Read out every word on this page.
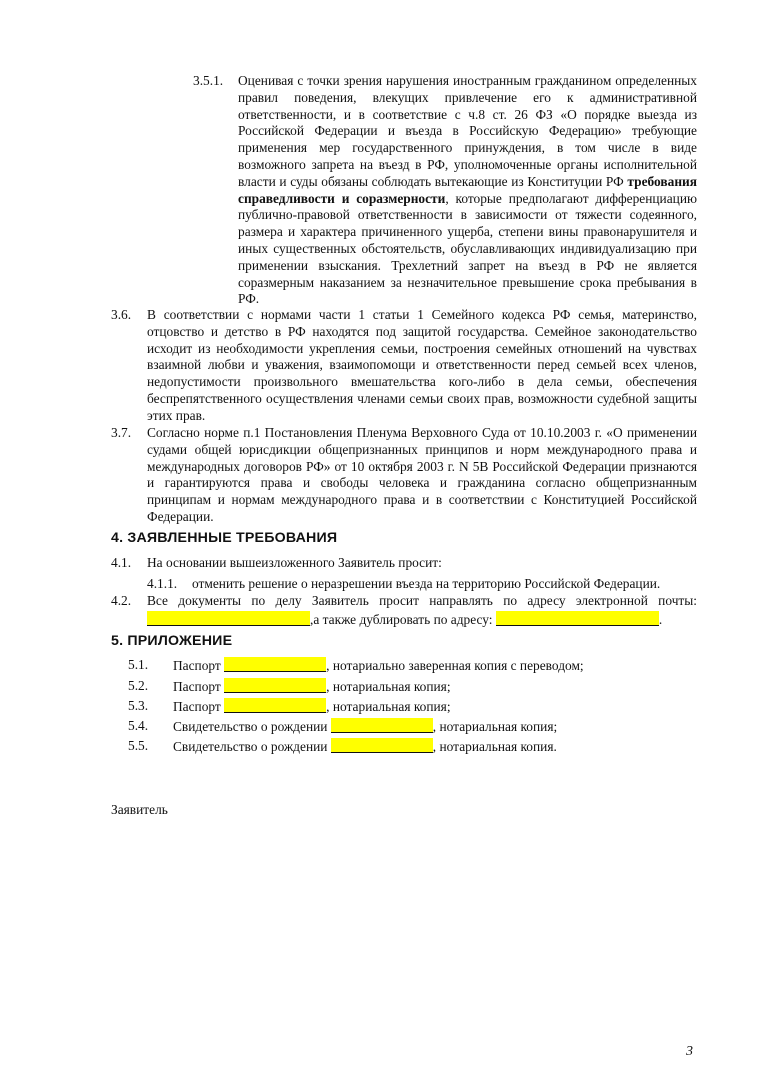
3.5.1. Оценивая с точки зрения нарушения иностранным гражданином определенных правил поведения, влекущих привлечение его к административной ответственности, и в соответствие с ч.8 ст. 26 ФЗ «О порядке выезда из Российской Федерации и въезда в Российскую Федерацию» требующие применения мер государственного принуждения, в том числе в виде возможного запрета на въезд в РФ, уполномоченные органы исполнительной власти и суды обязаны соблюдать вытекающие из Конституции РФ требования справедливости и соразмерности, которые предполагают дифференциацию публично-правовой ответственности в зависимости от тяжести содеянного, размера и характера причиненного ущерба, степени вины правонарушителя и иных существенных обстоятельств, обуславливающих индивидуализацию при применении взыскания. Трехлетний запрет на въезд в РФ не является соразмерным наказанием за незначительное превышение срока пребывания в РФ.
3.6. В соответствии с нормами части 1 статьи 1 Семейного кодекса РФ семья, материнство, отцовство и детство в РФ находятся под защитой государства. Семейное законодательство исходит из необходимости укрепления семьи, построения семейных отношений на чувствах взаимной любви и уважения, взаимопомощи и ответственности перед семьей всех членов, недопустимости произвольного вмешательства кого-либо в дела семьи, обеспечения беспрепятственного осуществления членами семьи своих прав, возможности судебной защиты этих прав.
3.7. Согласно норме п.1 Постановления Пленума Верховного Суда от 10.10.2003 г. «О применении судами общей юрисдикции общепризнанных принципов и норм международного права и международных договоров РФ» от 10 октября 2003 г. N 5В Российской Федерации признаются и гарантируются права и свободы человека и гражданина согласно общепризнанным принципам и нормам международного права и в соответствии с Конституцией Российской Федерации.
4. ЗАЯВЛЕННЫЕ ТРЕБОВАНИЯ
4.1. На основании вышеизложенного Заявитель просит:
4.1.1. отменить решение о неразрешении въезда на территорию Российской Федерации.
4.2. Все документы по делу Заявитель просит направлять по адресу электронной почты:
,а также дублировать по адресу:	.
5. ПРИЛОЖЕНИЕ
5.1. Паспорт	, нотариально заверенная копия с переводом;
5.2. Паспорт	, нотариальная копия;
5.3. Паспорт	, нотариальная копия;
5.4. Свидетельство о рождении	, нотариальная копия;
5.5. Свидетельство о рождении	, нотариальная копия.
Заявитель
3
